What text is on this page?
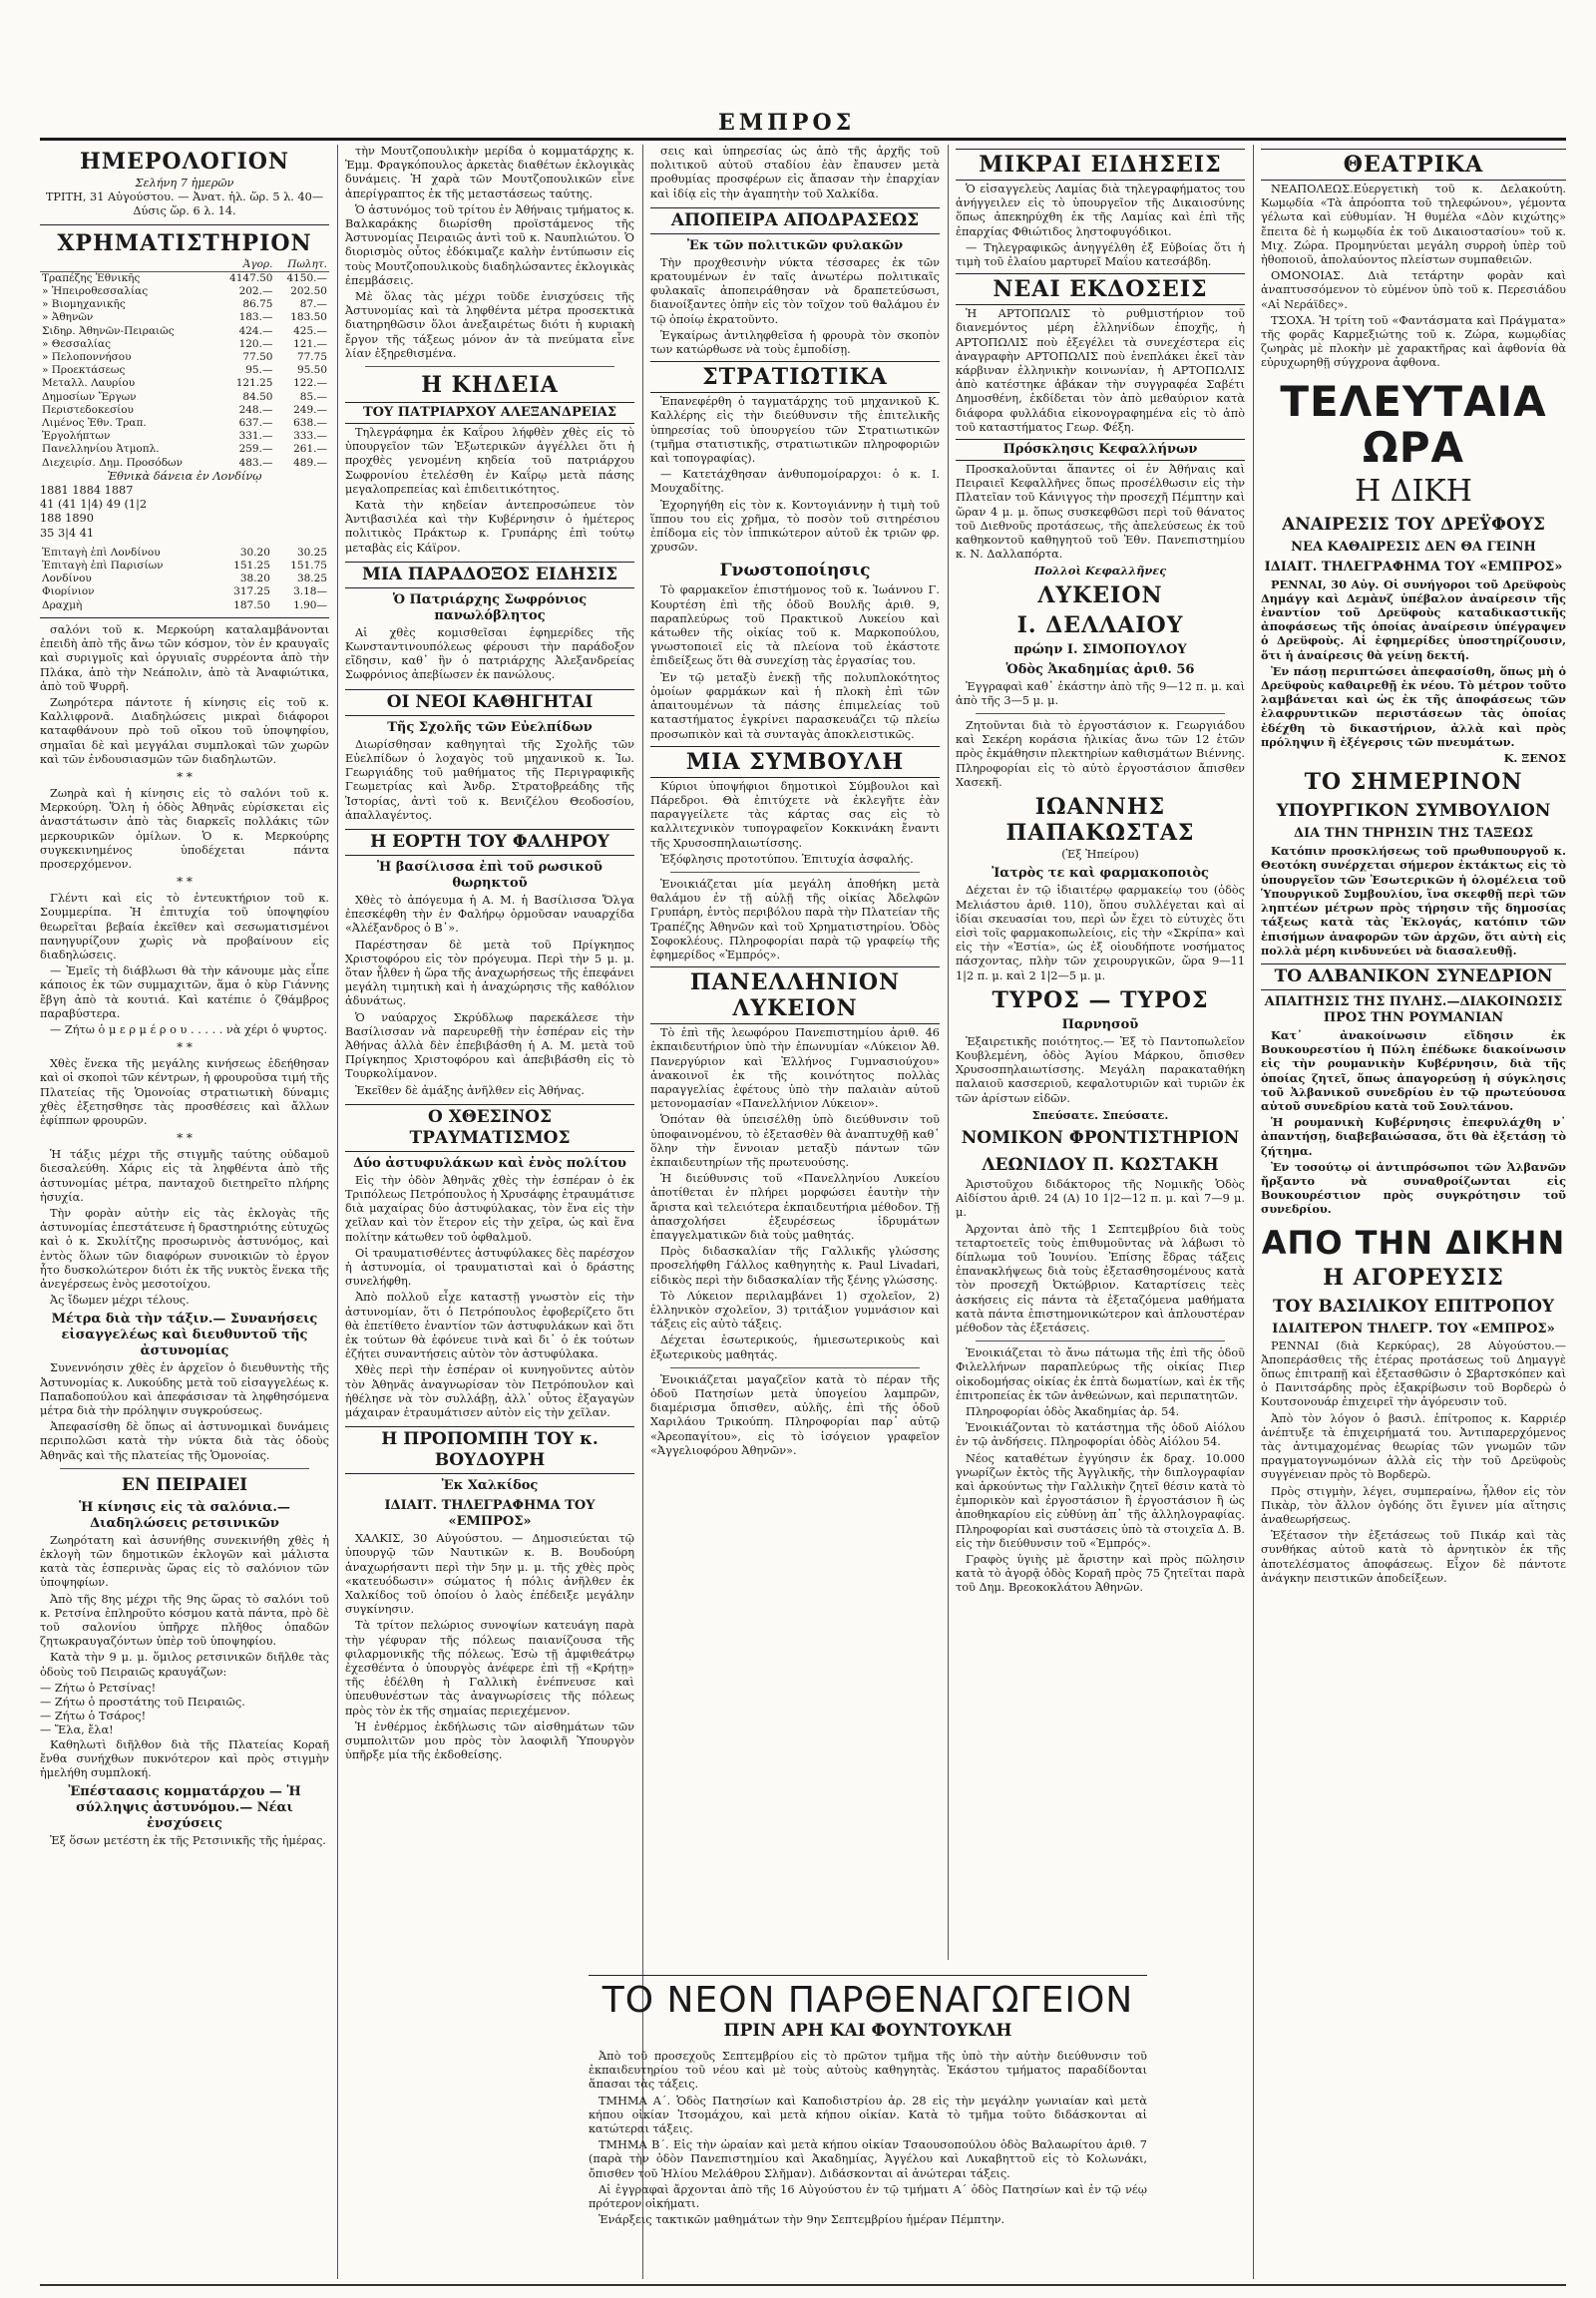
ΕΜΠΡΟΣ
ΗΜΕΡΟΛΟΓΙΟΝ
Σελήνη 7 ἡμερῶν
ΤΡΙΤΗ, 31 Αὐγούστου. — Ἀνατ. ἡλ. ὥρ. 5 λ. 40—Δύσις ὥρ. 6 λ. 14.
ΧΡΗΜΑΤΙΣΤΗΡΙΟΝ
	Ἀγορ.	Πωλητ.
Τραπέζης Ἐθνικῆς	4147.50	4150.—
» Ἠπειροθεσσαλίας	202.—	202.50
» Βιομηχανικῆς	86.75	87.—
» Ἀθηνῶν	183.—	183.50
Σιδηρ. Ἀθηνῶν-Πειραιῶς	424.—	425.—
» Θεσσαλίας	120.—	121.—
» Πελοποννήσου	77.50	77.75
» Προεκτάσεως	95.—	95.50
Μεταλλ. Λαυρίου	121.25	122.—
Δημοσίων Ἔργων	84.50	85.—
Περιστεδοκεσίου	248.—	249.—
Λιμένος Ἐθν. Τραπ.	637.—	638.—
Ἐργολήπτων	331.—	333.—
Πανελληνίου Ἀτμοπλ.	259.—	261.—
Διεχειρίσ. Δημ. Προσόδων	483.—	489.—
Ἐθνικὰ δάνεια ἐν Λονδίνῳ
1881 1884 1887
41 (41 1|4) 49 (1|2
188 1890
35 3|4 41
Ἐπιταγὴ ἐπὶ Λονδίνου	30.20	30.25
Ἐπιταγὴ ἐπὶ Παρισίων	151.25	151.75
Λονδίνου	38.20	38.25
Φιορίνιον	317.25	3.18—
Δραχμὴ	187.50	1.90—

σαλόνι τοῦ κ. Μερκούρη καταλαμβάνονται ἐπειδὴ ἀπὸ τῆς ἄνω τῶν κόσμον, τὸν ἐν κραυγαῖς καὶ συριγμοῖς καὶ ὀργυιαῖς συρρέοντα ἀπὸ τὴν Πλάκα, ἀπὸ τὴν Νεάπολιν, ἀπὸ τὰ Ἀναφιώτικα, ἀπὸ τοῦ Ψυρρῆ.

Ζωηρότερα πάντοτε ἡ κίνησις εἰς τοῦ κ. Καλλιφρονᾶ. Διαδηλώσεις μικραὶ διάφοροι καταφθάνουν πρὸ τοῦ οἴκου τοῦ ὑποψηφίου, σημαῖαι δὲ καὶ μεγγάλαι συμπλοκαὶ τῶν χωρῶν καὶ τῶν ἐνδουσιασμῶν τῶν διαδηλωτῶν.

* *

Ζωηρὰ καὶ ἡ κίνησις εἰς τὸ σαλόνι τοῦ κ. Μερκούρη. Ὅλη ἡ ὁδὸς Ἀθηνᾶς εὑρίσκεται εἰς ἀναστάτωσιν ἀπὸ τὰς διαρκεῖς πολλάκις τῶν μερκουρικῶν ὁμίλων. Ὁ κ. Μερκούρης συγκεκινημένος ὑποδέχεται πάντα προσερχόμενον.

* *

Γλέντι καὶ εἰς τὸ ἐντευκτήριον τοῦ κ. Σουμμερίπα. Ἡ ἐπιτυχία τοῦ ὑποψηφίου θεωρεῖται βεβαία ἐκεῖθεν καὶ σεσωματισμένοι πανηγυρίζουν χωρὶς νὰ προβαίνουν εἰς διαδηλώσεις.

— Ἐμεῖς τὴ διάβλωσι θὰ τὴν κάνουμε μὰς εἶπε κάποιος ἐκ τῶν συμμαχιτῶν, ἅμα ὁ κὺρ Γιάννης ἔβγη ἀπὸ τὰ κουτιά. Καὶ κατέπιε ὁ ζθάμβρος παραβύστερα.

— Ζήτω ὁ μ ε ρ μ έ ρ ο υ . . . . . νὰ χέρι ὁ ψυρτος.

* *

Χθὲς ἕνεκα τῆς μεγάλης κινήσεως ἐδεήθησαν καὶ οἱ σκοποὶ τῶν κέντρων, ἡ φρουροῦσα τιμή τῆς Πλατείας τῆς Ὁμονοίας στρατιωτικὴ δύναμις χθὲς ἐξετησθησε τὰς προσθέσεις καὶ ἄλλων ἐφίππων φρουρῶν.

* *

Ἡ τάξις μέχρι τῆς στιγμῆς ταύτης οὐδαμοῦ διεσαλεύθη. Χάρις εἰς τὰ ληφθέντα ἀπὸ τῆς ἀστυνομίας μέτρα, πανταχοῦ διετηρεῖτο πλήρης ἡσυχία.

Τὴν φορὰν αὐτὴν εἰς τὰς ἐκλογὰς τῆς ἀστυνομίας ἐπεστάτευσε ἡ δραστηριότης εὐτυχῶς καὶ ὁ κ. Σκυλίτζης προσωρινὸς ἀστυνόμος, καὶ ἐντὸς ὅλων τῶν διαφόρων συνοικιῶν τὸ ἐργον ἦτο δυσκολώτερον διότι ἐκ τῆς νυκτὸς ἕνεκα τῆς ἀνεγέρσεως ἑνὸς μεσοτοίχου.

Ἀς ἴδωμεν μέχρι τέλους.

Μέτρα διὰ τὴν τάξιν.— Συνανήσεις εἰσαγγελέως καὶ διευθυντοῦ τῆς ἀστυνομίας

Συνεννόησιν χθὲς ἐν ἀρχεῖον ὁ διευθυντὴς τῆς Ἀστυνομίας κ. Λυκούδης μετὰ τοῦ εἰσαγγελέως κ. Παπαδοπούλου καὶ ἀπεφάσισαν τὰ ληφθησόμενα μέτρα διὰ τὴν πρόληψιν συγκρούσεως.

Ἀπεφασίσθη δὲ ὅπως αἱ ἀστυνομικαὶ δυνάμεις περιπολῶσι κατὰ τὴν νύκτα διὰ τὰς ὁδοὺς Ἀθηνᾶς καὶ τῆς πλατείας τῆς Ὁμονοίας.

ΕΝ ΠΕΙΡΑΙΕΙ
Ἡ κίνησις εἰς τὰ σαλόνια.— Διαδηλώσεις ρετσινικῶν

Ζωηρότατη καὶ ἀσυνήθης συνεκινήθη χθὲς ἡ ἐκλογὴ τῶν δημοτικῶν ἐκλογῶν καὶ μάλιστα κατὰ τὰς ἑσπερινὰς ὥρας εἰς τὸ σαλόνιον τῶν ὑποψηφίων.

Ἀπὸ τῆς 8ης μέχρι τῆς 9ης ὥρας τὸ σαλόνι τοῦ κ. Ρετσίνα ἐπληροῦτο κόσμου κατὰ πάντα, πρὸ δὲ τοῦ σαλονίου ὑπῆρχε πλῆθος ὀπαδῶν ζητωκραυγαζόντων ὑπὲρ τοῦ ὑποψηφίου.

Κατὰ τὴν 9 μ. μ. ὅμιλος ρετσινικῶν διῆλθε τὰς ὁδοὺς τοῦ Πειραιῶς κραυγάζων:

— Ζήτω ὁ Ρετσίνας!
— Ζήτω ὁ προστάτης τοῦ Πειραιῶς.
— Ζήτω ὁ Τσάρος!
— Ἔλα, ἔλα!

Καθηλωτὶ διῆλθον διὰ τῆς Πλατείας Κοραῆ ἔνθα συνήχθων πυκνότερον καὶ πρὸς στιγμὴν ἡμελήθη συμπλοκή.

Ἐπέσταασις κομματάρχου — Ἡ σύλληψις ἀστυνόμου.— Νέαι ἐνσχύσεις

Ἐξ ὅσων μετέστη ἐκ τῆς Ρετσινικῆς τῆς ἡμέρας.

τὴν Μουτζοπουλικὴν μερίδα ὁ κομματάρχης κ. Ἐμμ. Φραγκόπουλος ἀρκετὰς διαθέτων ἐκλογικὰς δυνάμεις. Ἡ χαρὰ τῶν Μουτζοπουλικῶν εἶνε ἀπερίγραπτος ἐκ τῆς μεταστάσεως ταύτης.

Ὁ ἀστυνόμος τοῦ τρίτου ἐν Ἀθήναις τμήματος κ. Βαλκαράκης διωρίσθη προϊστάμενος τῆς Ἀστυνομίας Πειραιῶς ἀντὶ τοῦ κ. Ναυπλιώτου. Ὁ διορισμὸς οὗτος ἐδόκιμαζε καλὴν ἐντύπωσιν εἰς τοὺς Μουτζοπουλικοὺς διαδηλώσαντες ἐκλογικὰς ἐπεμβάσεις.

Μὲ ὅλας τὰς μέχρι τοῦδε ἐνισχύσεις τῆς Ἀστυνομίας καὶ τὰ ληφθέντα μέτρα προσεκτικὰ διατηρηθῶσιν ὅλοι ἀνεξαιρέτως διότι ἡ κυριακὴ ἔργον τῆς τάξεως μόνον ἀν τὰ πνεύματα εἶνε λίαν ἐξηρεθισμένα.

Η ΚΗΔΕΙΑ
ΤΟΥ ΠΑΤΡΙΑΡΧΟΥ ΑΛΕΞΑΝΔΡΕΙΑΣ

Τηλεγράφημα ἐκ Καΐρου λήφθὲν χθὲς εἰς τὸ ὑπουργεῖον τῶν Ἐξωτερικῶν ἀγγέλλει ὅτι ἡ προχθὲς γενομένη κηδεία τοῦ πατριάρχου Σωφρονίου ἐτελέσθη ἐν Καΐρῳ μετὰ πάσης μεγαλοπρεπείας καὶ ἐπιδειτικότητος.

Κατὰ τὴν κηδείαν ἀντεπροσώπευε τὸν Ἀντιβασιλέα καὶ τὴν Κυβέρνησιν ὁ ἡμέτερος πολιτικὸς Πράκτωρ κ. Γρυπάρης ἐπὶ τούτῳ μεταβὰς εἰς Κάϊρον.

ΜΙΑ ΠΑΡΑΔΟΞΟΣ ΕΙΔΗΣΙΣ
Ὁ Πατριάρχης Σωφρόνιος πανωλόβλητος

Αἱ χθὲς κομισθεῖσαι ἐφημερίδες τῆς Κωνσταντινουπόλεως φέρουσι τὴν παράδοξον εἴδησιν, καθ᾿ ἣν ὁ πατριάρχης Ἀλεξανδρείας Σωφρόνιος ἀπεβίωσεν ἐκ πανώλους.

ΟΙ ΝΕΟΙ ΚΑΘΗΓΗΤΑΙ
Τῆς Σχολῆς τῶν Εὐελπίδων

Διωρίσθησαν καθηγηταὶ τῆς Σχολῆς τῶν Εὐελπίδων ὁ λοχαγὸς τοῦ μηχανικοῦ κ. Ἰω. Γεωργιάδης τοῦ μαθήματος τῆς Περιγραφικῆς Γεωμετρίας καὶ Ἀνδρ. Στρατοβρεάδης τῆς Ἱστορίας, ἀντὶ τοῦ κ. Βενιζέλου Θεοδοσίου, ἀπαλλαγέντος.

Η ΕΟΡΤΗ ΤΟΥ ΦΑΛΗΡΟΥ
Ἡ βασίλισσα ἐπὶ τοῦ ρωσικοῦ θωρηκτοῦ

Χθὲς τὸ ἀπόγευμα ἡ Α. Μ. ἡ Βασίλισσα Ὄλγα ἐπεσκέφθη τὴν ἐν Φαλήρῳ ὁρμοῦσαν ναυαρχίδα «Ἀλέξανδρος ὁ Β᾿».

Παρέστησαν δὲ μετὰ τοῦ Πρίγκηπος Χριστοφόρου εἰς τὸν πρόγευμα. Περὶ τὴν 5 μ. μ. ὅταν ἦλθεν ἡ ὥρα τῆς ἀναχωρήσεως τῆς ἐπεφάνει μεγάλη τιμητικὴ καὶ ἡ ἀναχώρησις τῆς καθόλιον ἀδυνάτως.

Ὁ ναύαρχος Σκρύδλωφ παρεκάλεσε τὴν Βασίλισσαν νὰ παρευρεθῇ τὴν ἑσπέραν εἰς τὴν Ἀθήνας ἀλλὰ δὲν ἐπεβιβάσθη ἡ Α. Μ. μετὰ τοῦ Πρίγκηπος Χριστοφόρου καὶ ἀπεβιβάσθη εἰς τὸ Τουρκολίμανον.

Ἐκεῖθεν δὲ ἀμάξης ἀνῆλθεν εἰς Ἀθήνας.

Ο ΧΘΕΣΙΝΟΣ ΤΡΑΥΜΑΤΙΣΜΟΣ
Δύο ἀστυφυλάκων καὶ ἑνὸς πολίτου

Εἰς τὴν ὁδὸν Ἀθηνᾶς χθὲς τὴν ἑσπέραν ὁ ἐκ Τριπόλεως Πετρόπουλος ἡ Χρυσάφης ἐτραυμάτισε διὰ μαχαίρας δύο ἀστυφύλακας, τὸν ἕνα εἰς τὴν χεῖλαν καὶ τὸν ἕτερον εἰς τὴν χεῖρα, ὡς καὶ ἕνα πολίτην κάτωθεν τοῦ ὀφθαλμοῦ.

Οἱ τραυματισθέντες ἀστυφύλακες δὲς παρέσχον ἡ ἀστυνομία, οἱ τραυματισταὶ καὶ ὁ δράστης συνελήφθη.

Ἀπὸ πολλοῦ εἶχε καταστῇ γνωστὸν εἰς τὴν ἀστυνομίαν, ὅτι ὁ Πετρόπουλος ἐφοβερίζετο ὅτι θὰ ἐπετίθετο ἐναντίον τῶν ἀστυφυλάκων καὶ ὅτι ἐκ τούτων θὰ ἐφόνευε τινὰ καὶ δι᾿ ὁ ἐκ τούτων ἐζήτει συναντήσεις αὐτὸν τὸν ἀστυφύλακα.

Χθὲς περὶ τὴν ἑσπέραν οἱ κυνηγοῦντες αὐτὸν τὸν Ἀθηνᾶς ἀναγνωρίσαν τὸν Πετρόπουλον καὶ ἠθέλησε νὰ τὸν συλλάβῃ, ἀλλ᾿ οὗτος ἐξαγαγὼν μάχαιραν ἐτραυμάτισεν αὐτὸν εἰς τὴν χεῖλαν.

Η ΠΡΟΠΟΜΠΗ ΤΟΥ κ. ΒΟΥΔΟΥΡΗ
Ἐκ Χαλκίδος
ΙΔΙΑΙΤ. ΤΗΛΕΓΡΑΦΗΜΑ ΤΟΥ «ΕΜΠΡΟΣ»

ΧΑΛΚΙΣ, 30 Αὐγούστου. — Δημοσιεύεται τῷ ὑπουργῷ τῶν Ναυτικῶν κ. Β. Βουδούρη ἀναχωρήσαντι περὶ τὴν 5ην μ. μ. τῆς χθὲς πρὸς «κατευόδωσιν» σώματος ἡ πόλις ἀνῆλθεν ἐκ Χαλκίδος τοῦ ὁποίου ὁ λαὸς ἐπέδειξε μεγάλην συγκίνησιν.

Τὰ τρίτον πελώριος συνοψίων κατευάγη παρὰ τὴν γέφυραν τῆς πόλεως παιανίζουσα τῆς φιλαρμονικῆς τῆς πόλεως. Ἐσὼ τῇ ἀμφιθεάτρῳ ἐχεσθέντα ὁ ὑπουργὸς ἀνέφερε ἐπὶ τῇ «Κρήτῃ» τῆς ἐδέλθη ἡ Γαλλικὴ ἐνέπνευσε καὶ ὑπευθυνέστων τὰς ἀναγνωρίσεις τῆς πόλεως πρὸς τὸν ἐκ τῆς σημαίας περιεχέμενον.

Ἡ ἐνθέρμος ἐκδήλωσις τῶν αἰσθημάτων τῶν συμπολιτῶν μου πρὸς τὸν λαοφιλῆ Ὑπουργὸν ὑπῆρξε μία τῆς ἐκδοθείσης.

σεις καὶ ὑπηρεσίας ὡς ἀπὸ τῆς ἀρχῆς τοῦ πολιτικοῦ αὐτοῦ σταδίου ἐὰν ἔπαυσεν μετὰ προθυμίας προσφέρων εἰς ἄπασαν τὴν ἐπαρχίαν καὶ ἰδίᾳ εἰς τὴν ἀγαπητὴν τοῦ Χαλκίδα.

ΑΠΟΠΕΙΡΑ ΑΠΟΔΡΑΣΕΩΣ
Ἐκ τῶν πολιτικῶν φυλακῶν

Τὴν προχθεσινὴν νύκτα τέσσαρες ἐκ τῶν κρατουμένων ἐν ταῖς ἀνωτέρω πολιτικαῖς φυλακαῖς ἀποπειράθησαν νὰ δραπετεύσωσι, διανοίξαντες ὀπὴν εἰς τὸν τοῖχον τοῦ θαλάμου ἐν τῷ ὁποίῳ ἐκρατοῦντο.

Ἐγκαίρως ἀντιληφθεῖσα ἡ φρουρὰ τὸν σκοπὸν των κατώρθωσε νὰ τοὺς ἐμποδίσῃ.

ΣΤΡΑΤΙΩΤΙΚΑ

Ἐπανεφέρθη ὁ ταγματάρχης τοῦ μηχανικοῦ Κ. Καλλέρης εἰς τὴν διεύθυνσιν τῆς ἐπιτελικῆς ὑπηρεσίας τοῦ ὑπουργείου τῶν Στρατιωτικῶν (τμῆμα στατιστικῆς, στρατιωτικῶν πληροφοριῶν καὶ τοπογραφίας).

— Κατετάχθησαν ἀνθυπομοίραρχοι: ὁ κ. Ι. Μουχαδίτης.

Ἐχορηγήθη εἰς τὸν κ. Κοντογιάννην ἡ τιμὴ τοῦ ἵππου του εἰς χρῆμα, τὸ ποσὸν τοῦ σιτηρέσιου ἐπίδομα εἰς τὸν ἱππικώτερον αὐτοῦ ἐκ τριῶν φρ. χρυσῶν.

Γνωστοποίησις

Τὸ φαρμακεῖον ἐπιστήμονος τοῦ κ. Ἰωάννου Γ. Κουρτέση ἐπὶ τῆς ὁδοῦ Βουλῆς ἀριθ. 9, παραπλεύρως τοῦ Πρακτικοῦ Λυκείου καὶ κάτωθεν τῆς οἰκίας τοῦ κ. Μαρκοπούλου, γνωστοποιεῖ εἰς τὰ πλείονα τοῦ ἑκάστοτε ἐπιδείξεως ὅτι θὰ συνεχίσῃ τὰς ἐργασίας του.

Ἐν τῷ μεταξὺ ἑνεκῇ τῆς πολυπλοκότητος ὁμοίων φαρμάκων καὶ ἡ πλοκὴ ἐπὶ τῶν ἀπαιτουμένων τὰ πάσης ἐπιμελείας τοῦ καταστήματος ἐγκρίνει παρασκευάζει τῷ πλείω προσωπικὸν καὶ τὰ συνταγὰς ἀποκλειστικῶς.

ΜΙΑ ΣΥΜΒΟΥΛΗ

Κύριοι ὑποψήφιοι δημοτικοὶ Σύμβουλοι καὶ Πάρεδροι. Θὰ ἐπιτύχετε νὰ ἐκλεγῆτε ἐὰν παραγγείλετε τὰς κάρτας σας εἰς τὸ καλλιτεχνικὸν τυπογραφεῖον Κοκκινάκη ἔναντι τῆς Χρυσοσπηλαιωτίσσης.

Ἐξόφλησις προτοτύπου. Ἐπιτυχία ἀσφαλής.

Ἐνοικιάζεται μία μεγάλη ἀποθήκη μετὰ θαλάμου ἐν τῇ αὐλῇ τῆς οἰκίας Ἀδελφῶν Γρυπάρη, ἐντὸς περιβόλου παρὰ τὴν Πλατείαν τῆς Τραπέζης Ἀθηνῶν καὶ τοῦ Χρηματιστηρίου. Ὁδὸς Σοφοκλέους. Πληροφορίαι παρὰ τῷ γραφείῳ τῆς ἐφημερίδος «Ἐμπρός».

ΠΑΝΕΛΛΗΝΙΟΝ ΛΥΚΕΙΟΝ

Τὸ ἐπὶ τῆς λεωφόρου Πανεπιστημίου ἀριθ. 46 ἐκπαιδευτήριον ὑπὸ τὴν ἐπωνυμίαν «Λύκειον Ἀθ. Πανεργύριον καὶ Ἑλλήνος Γυμνασιούχου» ἀνακοινοῖ ἐκ τῆς κοινότητος πολλὰς παραγγελίας ἐφέτους ὑπὸ τὴν παλαιὰν αὐτοῦ μετονομασίαν «Πανελλήνιον Λύκειον».

Ὁπόταν θὰ ὑπεισέλθῃ ὑπὸ διεύθυνσιν τοῦ ὑποφαινομένου, τὸ ἐξετασθὲν θὰ ἀναπτυχθῇ καθ᾿ ὅλην τὴν ἔννοιαν μεταξὺ πάντων τῶν ἐκπαιδευτηρίων τῆς πρωτευούσης.

Ἡ διεύθυνσις τοῦ «Πανελληνίου Λυκείου ἀποτίθεται ἐν πλήρει μορφώσει ἑαυτὴν τὴν ἄριστα καὶ τελειότερα ἐκπαιδευτήρια μέθοδον. Τῇ ἀπασχολήσει ἐξευρέσεως ἱδρυμάτων ἐπαγγελματικῶν διὰ τοὺς μαθητάς.

Πρὸς διδασκαλίαν τῆς Γαλλικῆς γλώσσης προσελήφθη Γάλλος καθηγητὴς κ. Paul Livadari, εἰδικὸς περὶ τὴν διδασκαλίαν τῆς ξένης γλώσσης.

Τὸ Λύκειον περιλαμβάνει 1) σχολεῖον, 2) ἑλληνικὸν σχολεῖον, 3) τριτάξιον γυμνάσιον καὶ τάξεις εἰς αὐτὸ τάξεις.

Δέχεται ἐσωτερικούς, ἡμιεσωτερικοὺς καὶ ἐξωτερικοὺς μαθητάς.

Ἐνοικιάζεται μαγαζεῖον κατὰ τὸ πέραν τῆς ὁδοῦ Πατησίων μετὰ ὑπογείου λαμπρῶν, διαμέρισμα ὄπισθεν, αὐλῆς, ἐπὶ τῆς ὁδοῦ Χαριλάου Τρικούπη. Πληροφορίαι παρ᾿ αὐτῷ «Ἀρεοπαγίτου», εἰς τὸ ἰσόγειον γραφεῖον «Ἀγγελιοφόρου Ἀθηνῶν».

ΜΙΚΡΑΙ ΕΙΔΗΣΕΙΣ

Ὁ εἰσαγγελεὺς Λαμίας διὰ τηλεγραφήματος του ἀνήγγειλεν εἰς τὸ ὑπουργεῖον τῆς Δικαιοσύνης ὅπως ἀπεκηρύχθη ἐκ τῆς Λαμίας καὶ ἐπὶ τῆς ἐπαρχίας Φθιώτιδος ληστοφυγόδικοι.

— Τηλεγραφικῶς ἀνηγγέλθη ἐξ Εὐβοίας ὅτι ἡ τιμὴ τοῦ ἐλαίου μαρτυρεῖ Μαΐου κατεσάβδη.

ΝΕΑΙ ΕΚΔΟΣΕΙΣ

Ἡ ΑΡΤΟΠΩΛΙΣ τὸ ρυθμιστήριον τοῦ διανεμόντος μέρη ἑλληνίδων ἐποχῆς, ἡ ΑΡΤΟΠΩΛΙΣ ποὺ ἐξεγέλει τὰ συνεχέστερα εἰς ἀναγραφὴν ΑΡΤΟΠΩΛΙΣ ποὺ ἐνεπλάκει ἐκεῖ τὰν κάρβιναν ἐλληνικὴν κοινωνίαν, ἡ ΑΡΤΟΠΩΛΙΣ ἀπὸ κατέστηκε ἀβάκαν τὴν συγγραφέα Σαβέτι Δημοσθένη, ἐκδίδεται τὸν ἀπὸ μεθαύριον κατὰ διάφορα φυλλάδια εἰκονογραφημένα εἰς τὸ ἀπὸ τοῦ καταστήματος Γεωρ. Φέξη.

Πρόσκλησις Κεφαλλήνων

Προσκαλοῦνται ἅπαντες οἱ ἐν Ἀθήναις καὶ Πειραιεῖ Κεφαλλῆνες ὅπως προσέλθωσιν εἰς τὴν Πλατεῖαν τοῦ Κάνιγγος τὴν προσεχῆ Πέμπτην καὶ ὥραν 4 μ. μ. ὅπως συσκεφθῶσι περὶ τοῦ θάνατος τοῦ Διεθνοῦς προτάσεως, τῆς ἀπελεύσεως ἐκ τοῦ καθηκοντοῦ καθηγητοῦ τοῦ Ἐθν. Πανεπιστημίου κ. Ν. Δαλλαπόρτα.

Πολλοὶ Κεφαλλῆνες
ΛΥΚΕΙΟΝ
Ι. ΔΕΛΛΑΙΟΥ
πρώην Ι. ΣΙΜΟΠΟΥΛΟΥ
Ὁδὸς Ἀκαδημίας ἀριθ. 56

Ἐγγραφαὶ καθ᾿ ἑκάστην ἀπὸ τῆς 9—12 π. μ. καὶ ἀπὸ τῆς 3—5 μ. μ.

Ζητοῦνται διὰ τὸ ἐργοστάσιον κ. Γεωργιάδου καὶ Σεκέρη κοράσια ἡλικίας ἄνω τῶν 12 ἐτῶν πρὸς ἐκμάθησιν πλεκτηρίων καθισμάτων Βιέννης. Πληροφορίαι εἰς τὸ αὐτὸ ἐργοστάσιον ἄπισθεν Χασεκῆ.

ΙΩΑΝΝΗΣ ΠΑΠΑΚΩΣΤΑΣ
(Ἐξ Ἠπείρου)
Ἰατρὸς τε καὶ φαρμακοποιὸς

Δέχεται ἐν τῷ ἰδιαιτέρῳ φαρμακείῳ του (ὁδὸς Μελιάστου ἀριθ. 110), ὅπου συλλέγεται καὶ αἱ ἰδίαι σκευασίαι του, περὶ ὧν ἔχει τὸ εὐτυχὲς ὅτι εἰσὶ τοῖς φαρμακοπωλείοις, εἰς τὴν «Σκρίπα» καὶ εἰς τὴν «Ἑστία», ὡς ἐξ οἰουδήποτε νοσήματος πάσχοντας, πλὴν τῶν χειρουργικῶν, ὥρα 9—11 1|2 π. μ. καὶ 2 1|2—5 μ. μ.

ΤΥΡΟΣ — ΤΥΡΟΣ
Παρνησοῦ

Ἐξαιρετικῆς ποιότητος.— Ἐξ τὸ Παντοπωλεῖον Κουβλεμένη, ὁδὸς Ἁγίου Μάρκου, ὄπισθεν Χρυσοσπηλαιωτίσσης. Μεγάλη παρακαταθήκη παλαιοῦ κασσεριοῦ, κεφαλοτυριῶν καὶ τυριῶν ἐκ τῶν ἀρίστων εἰδῶν.

Σπεύσατε. Σπεύσατε.
ΝΟΜΙΚΟΝ ΦΡΟΝΤΙΣΤΗΡΙΟΝ
ΛΕΩΝΙΔΟΥ Π. ΚΩΣΤΑΚΗ

Ἀριστοῦχου διδάκτορος τῆς Νομικῆς Ὁδὸς Αἰδίστου ἀριθ. 24 (Α) 10 1|2—12 π. μ. καὶ 7—9 μ. μ.

Ἀρχονται ἀπὸ τῆς 1 Σεπτεμβρίου διὰ τοὺς τεταρτοετεῖς τοὺς ἐπιθυμοῦντας νὰ λάβωσι τὸ δίπλωμα τοῦ Ἰουνίου. Ἐπίσης ἔδρας τάξεις ἐπανακλήψεως διὰ τοὺς ἐξετασθησομένους κατὰ τὸν προσεχῆ Ὀκτώβριον. Καταρτίσεις τεὲς ἀσκήσεις εἰς πάντα τὰ ἐξεταζόμενα μαθήματα κατὰ πάντα ἐπιστημονικώτερον καὶ ἀπλουστέραν μέθοδον τὰς ἐξετάσεις.

Ἐνοικιάζεται τὸ ἄνω πάτωμα τῆς ἐπὶ τῆς ὁδοῦ Φιλελλήνων παραπλεύρως τῆς οἰκίας Πιερ οἰκοδομήσας οἰκίας ἐκ ἐπτὰ δωματίων, καὶ ἐκ τῆς ἐπιτροπείας ἐκ τῶν ἀνθεώνων, καὶ περιπατητῶν.

Πληροφορίαι ὁδὸς Ἀκαδημίας ἀρ. 54.

Ἐνοικιάζονται τὸ κατάστημα τῆς ὁδοῦ Αἰόλου ἐν τῷ ἀνδήσεις. Πληροφορίαι ὁδὸς Αἰόλου 54.

Νέος καταθέτων ἐγγύησιν ἐκ δραχ. 10.000 γνωρίζων ἐκτὸς τῆς Ἀγγλικῆς, τὴν διπλογραφίαν καὶ ἀρκούντως τὴν Γαλλικὴν ζητεῖ θέσιν κατὰ τὸ ἐμπορικὸν καὶ ἐργοστάσιον ἢ ἐργοστάσιον ἢ ὡς ἀποθηκαρίου εἰς εὐθύνῃ ἀπ᾿ τῆς ἀλληλογραφίας. Πληροφορίαι καὶ συστάσεις ὑπὸ τὰ στοιχεῖα Δ. Β. εἰς τὴν διεύθυνσιν τοῦ «Ἐμπρός».

Γραφὸς ὑγιὴς μὲ ἄριστην καὶ πρὸς πῶλησιν κατὰ τὸ ἀγορᾷ ὁδὸς Κοραῆ πρὸς 75 ζητεῖται παρὰ τοῦ Δημ. Βρεοκοκλάτου Ἀθηνῶν.

ΘΕΑΤΡΙΚΑ

ΝΕΑΠΟΛΕΩΣ.Εὐεργετικὴ τοῦ κ. Δελακούτη. Κωμῳδία «Τὰ ἀπρόοπτα τοῦ τηλεφώνου», γέμοντα γέλωτα καὶ εὐθυμίαν. Ἡ θυμέλα «Δὸν κιχώτης» ἔπειτα δὲ ἡ κωμῳδία ἐκ τοῦ Δικαιοστασίου» τοῦ κ. Μιχ. Ζώρα. Προμηνύεται μεγάλη συρροὴ ὑπὲρ τοῦ ἡθοποιοῦ, ἀπολαύοντος πλείστων συμπαθειῶν.

ΟΜΟΝΟΙΑΣ. Διὰ τετάρτην φορὰν καὶ ἀναπτυσσόμενον τὸ εὐμένον ὑπὸ τοῦ κ. Περεσιάδου «Αἱ Νεράϊδες».

ΤΣΟΧΑ. Ἡ τρίτη τοῦ «Φαντάσματα καὶ Πράγματα» τῆς φορᾶς Καρμεξιώτης τοῦ κ. Ζώρα, κωμῳδίας ζωηρὰς μὲ πλοκὴν μὲ χαρακτῆρας καὶ ἀφθονία θὰ εὐρυχωρηθῇ σύγχρονα ἀφθονα.

ΤΕΛΕΥΤΑΙΑ ΩΡΑ
Η ΔΙΚΗ
ΑΝΑΙΡΕΣΙΣ ΤΟΥ ΔΡΕΫΦΟΥΣ
ΝΕΑ ΚΑΘΑΙΡΕΣΙΣ ΔΕΝ ΘΑ ΓΕΙΝΗ
ΙΔΙΑΙΤ. ΤΗΛΕΓΡΑΦΗΜΑ ΤΟΥ «ΕΜΠΡΟΣ»

ΡΕΝΝΑΙ, 30 Αὐγ. Οἱ συνήγοροι τοῦ Δρεϋφοὺς Δημάγγ καὶ Δεμὰνζ ὑπέβαλον ἀναίρεσιν τῆς ἐναντίον τοῦ Δρεϋφοὺς καταδικαστικῆς ἀποφάσεως τῆς ὁποίας ἀναίρεσιν ὑπέγραψεν ὁ Δρεϋφοὺς. Αἱ ἐφημερίδες ὑποστηρίζουσιν, ὅτι ἡ ἀναίρεσις θὰ γείνῃ δεκτή.

Ἐν πάσῃ περιπτώσει ἀπεφασίσθη, ὅπως μὴ ὁ Δρεϋφοὺς καθαιρεθῇ ἐκ νέου. Τὸ μέτρον τοῦτο λαμβάνεται καὶ ὡς ἐκ τῆς ἀποφάσεως τῶν ἐλαφρυντικῶν περιστάσεων τὰς ὁποίας ἐδέχθη τὸ δικαστήριον, ἀλλὰ καὶ πρὸς πρόληψιν ἢ ἐξέγερσις τῶν πνευμάτων.

Κ. ΞΕΝΟΣ
ΤΟ ΣΗΜΕΡΙΝΟΝ
ΥΠΟΥΡΓΙΚΟΝ ΣΥΜΒΟΥΛΙΟΝ
ΔΙΑ ΤΗΝ ΤΗΡΗΣΙΝ ΤΗΣ ΤΑΞΕΩΣ

Κατόπιν προσκλήσεως τοῦ πρωθυπουργοῦ κ. Θεοτόκη συνέρχεται σήμερον ἐκτάκτως εἰς τὸ ὑπουργεῖον τῶν Ἐσωτερικῶν ἡ ὁλομέλεια τοῦ Ὑπουργικοῦ Συμβουλίου, ἵνα σκεφθῇ περὶ τῶν ληπτέων μέτρων πρὸς τήρησιν τῆς δημοσίας τάξεως κατὰ τὰς Ἐκλογάς, κατόπιν τῶν ἐπισήμων ἀναφορῶν τῶν ἀρχῶν, ὅτι αὐτὴ εἰς πολλὰ μέρη κινδυνεύει νὰ διασαλευθῇ.

ΤΟ ΑΛΒΑΝΙΚΟΝ ΣΥΝΕΔΡΙΟΝ
ΑΠΑΙΤΗΣΙΣ ΤΗΣ ΠΥΛΗΣ.—ΔΙΑΚΟΙΝΩΣΙΣ ΠΡΟΣ ΤΗΝ ΡΟΥΜΑΝΙΑΝ

Κατ᾿ ἀνακοίνωσιν εἴδησιν ἐκ Βουκουρεστίου ἡ Πύλη ἐπέδωκε διακοίνωσιν εἰς τὴν ρουμανικὴν Κυβέρνησιν, διὰ τῆς ὁποίας ζητεῖ, ὅπως ἀπαγορεύσῃ ἡ σύγκλησις τοῦ Ἀλβανικοῦ συνεδρίου ἐν τῷ πρωτεύουσα αὐτοῦ συνεδρίου κατὰ τοῦ Σουλτάνου.

Ἡ ρουμανικὴ Κυβέρνησις ἐπεφυλάχθη ν᾿ ἀπαντήσῃ, διαβεβαιώσασα, ὅτι θὰ ἐξετάσῃ τὸ ζήτημα.

Ἐν τοσούτῳ οἱ ἀντιπρόσωποι τῶν Ἀλβανῶν ἤρξαντο νὰ συναθροίζωνται εἰς Βουκουρέστιον πρὸς συγκρότησιν τοῦ συνεδρίου.

ΑΠΟ ΤΗΝ ΔΙΚΗΝ
Η ΑΓΟΡΕΥΣΙΣ
ΤΟΥ ΒΑΣΙΛΙΚΟΥ ΕΠΙΤΡΟΠΟΥ
ΙΔΙΑΙΤΕΡΟΝ ΤΗΛΕΓΡ. ΤΟΥ «ΕΜΠΡΟΣ»

ΡΕΝΝΑΙ (διὰ Κερκύρας), 28 Αὐγούστου.— Ἀποπεράσθεις τῆς ἑτέρας προτάσεως τοῦ Δημαγγὲ ὅπως ἐπιτραπῇ καὶ ἐξετασθῶσιν ὁ Σβαρτσκόπεν καὶ ὁ Πανιτσάρδης πρὸς ἐξακρίβωσιν τοῦ Βορδερὼ ὁ Κουτσονουάρ ἐπιχειρεῖ τὴν ἀγόρευσιν τοῦ.

Ἀπὸ τὸν λόγον ὁ βασιλ. ἐπίτροπος κ. Καρριέρ ἀνέπτυξε τὰ ἐπιχειρήματά του. Ἀντιπαρερχόμενος τὰς ἀντιμαχομένας θεωρίας τῶν γνωμῶν τῶν πραγματογνωμόνων ἀλλὰ εἰς τὴν τοῦ Δρεϋφοὺς συγγένειαν πρὸς τὸ Βορδερὼ.

Πρὸς στιγμὴν, λέγει, συμπεραίνω, ἦλθον εἰς τὸν Πικὰρ, τὸν ἄλλον ὀγδόης ὅτι ἔγινεν μία αἴτησις ἀναθεωρήσεως.

Ἐξέτασον τὴν ἐξετάσεως τοῦ Πικάρ καὶ τὰς συνθήκας αὐτοῦ κατὰ τὸ ἀρνητικὸν ἐκ τῆς ἀποτελέσματος ἀποφάσεως. Εἶχον δὲ πάντοτε ἀνάγκην πειστικῶν ἀποδείξεων.

ΤΟ ΝΕΟΝ ΠΑΡΘΕΝΑΓΩΓΕΙΟΝ
ΠΡΙΝ ΑΡΗ ΚΑΙ ΦΟΥΝΤΟΥΚΛΗ

Ἀπὸ τοῦ προσεχοῦς Σεπτεμβρίου εἰς τὸ πρῶτον τμῆμα τῆς ὑπὸ τὴν αὐτὴν διεύθυνσιν τοῦ ἐκπαιδευτηρίου τοῦ νέου καὶ μὲ τοὺς αὐτοὺς καθηγητὰς. Ἑκάστου τμήματος παραδίδονται ἅπασαι τὰς τάξεις.

ΤΜΗΜΑ Α΄. Ὁδὸς Πατησίων καὶ Καποδιστρίου ἀρ. 28 εἰς τὴν μεγάλην γωνιαίαν καὶ μετὰ κήπου οἰκίαν Ἰτσομάχου, καὶ μετὰ κήπου οἰκίαν. Κατὰ τὸ τμῆμα τοῦτο διδάσκονται αἱ κατώτεραι τάξεις.

ΤΜΗΜΑ Β΄. Εἰς τὴν ὡραίαν καὶ μετὰ κήπου οἰκίαν Τσαουσοπούλου ὁδὸς Βαλαωρίτου ἀριθ. 7 (παρὰ τὴν ὁδὸν Πανεπιστημίου καὶ Ἀκαδημίας, Ἀγγέλου καὶ Λυκαβηττοῦ εἰς τὸ Κολωνάκι, ὄπισθεν τοῦ Ἠλίου Μελάθρου Σλῆμαν). Διδάσκονται αἱ ἀνώτεραι τάξεις.

Αἱ ἐγγραφαὶ ἄρχονται ἀπὸ τῆς 16 Αὐγούστου ἐν τῷ τμήματι Α΄ ὁδὸς Πατησίων καὶ ἐν τῷ νέῳ πρότερον οἰκήματι.

Ἐνάρξεις τακτικῶν μαθημάτων τὴν 9ην Σεπτεμβρίου ἡμέραν Πέμπτην.
